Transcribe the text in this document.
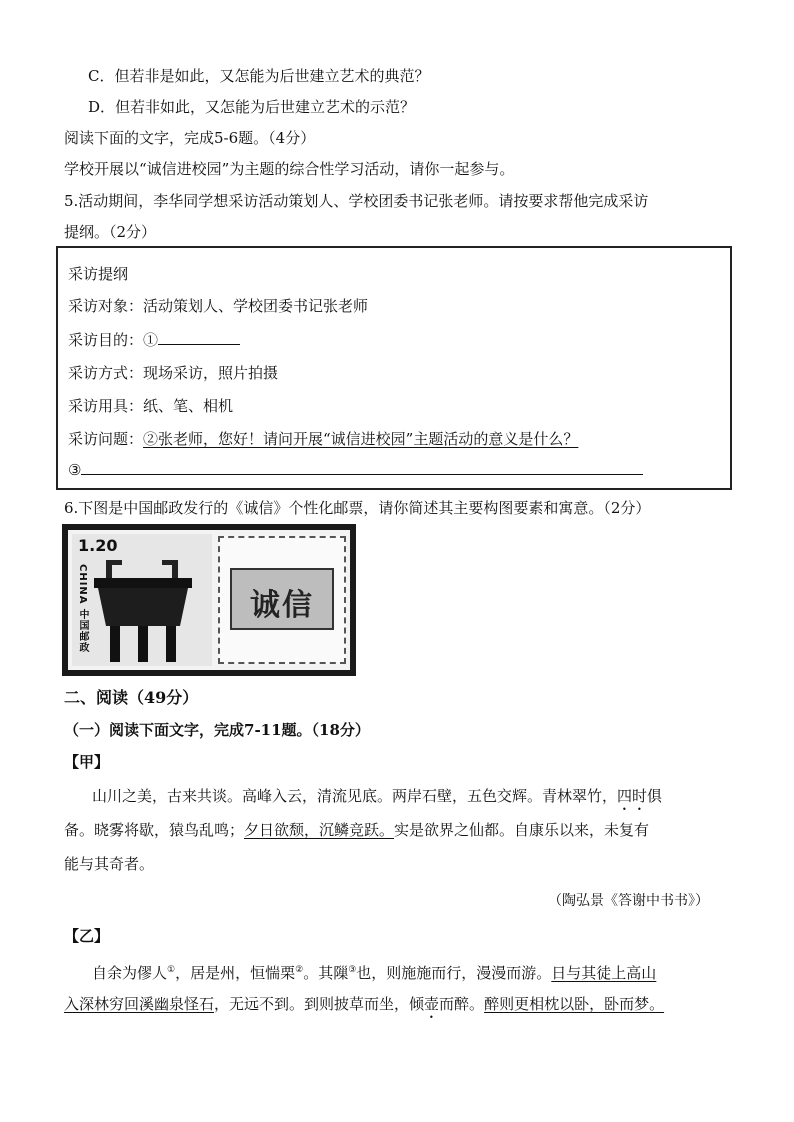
C．但若非是如此，又怎能为后世建立艺术的典范？
D．但若非如此，又怎能为后世建立艺术的示范？
阅读下面的文字，完成5-6题。（4分）
学校开展以“诚信进校园”为主题的综合性学习活动，请你一起参与。
5.活动期间，李华同学想采访活动策划人、学校团委书记张老师。请按要求帮他完成采访
提纲。（2分）
采访提纲
采访对象：活动策划人、学校团委书记张老师
采访目的：①
采访方式：现场采访，照片拍摄
采访用具：纸、笔、相机
采访问题：②张老师，您好！请问开展“诚信进校园”主题活动的意义是什么？
③
6.下图是中国邮政发行的《诚信》个性化邮票，请你简述其主要构图要素和寓意。（2分）
1.20
CHINA 中国邮政	诚信
二、阅读（49分）
（一）阅读下面文字，完成7-11题。（18分）
【甲】
山川之美，古来共谈。高峰入云，清流见底。两岸石壁，五色交辉。青林翠竹，四时俱
备。晓雾将歇，猿鸟乱鸣；夕日欲颓，沉鳞竞跃。实是欲界之仙都。自康乐以来，未复有
能与其奇者。
（陶弘景《答谢中书书》）
【乙】
自余为僇人①，居是州，恒惴栗②。其隟③也，则施施而行，漫漫而游。日与其徒上高山
入深林穷回溪幽泉怪石，无远不到。到则披草而坐，倾壶而醉。醉则更相枕以卧，卧而梦。
